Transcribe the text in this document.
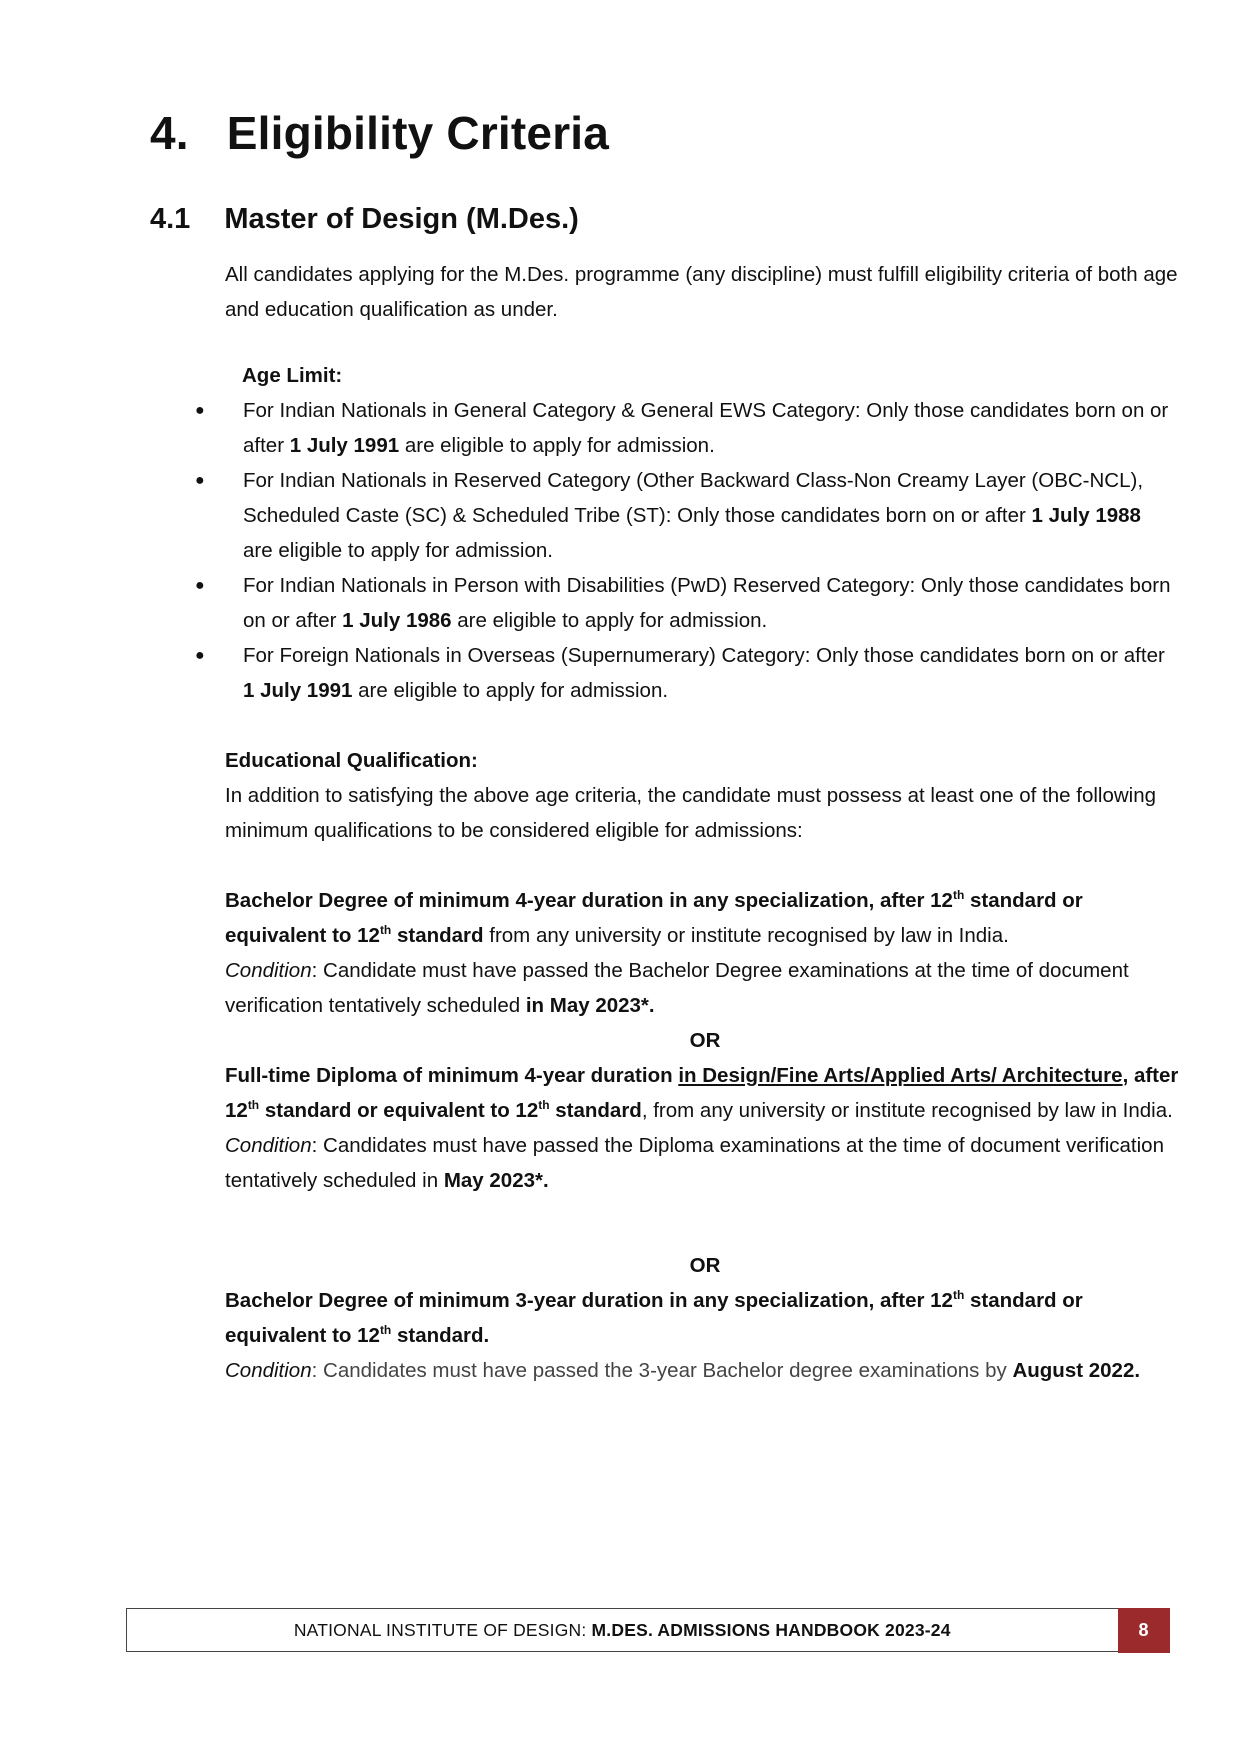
4. Eligibility Criteria
4.1 Master of Design (M.Des.)

All candidates applying for the M.Des. programme (any discipline) must fulfill eligibility criteria of both age and education qualification as under.

Age Limit:

● For Indian Nationals in General Category & General EWS Category: Only those candidates born on or after 1 July 1991 are eligible to apply for admission.
● For Indian Nationals in Reserved Category (Other Backward Class-Non Creamy Layer (OBC-NCL), Scheduled Caste (SC) & Scheduled Tribe (ST): Only those candidates born on or after 1 July 1988 are eligible to apply for admission.
● For Indian Nationals in Person with Disabilities (PwD) Reserved Category: Only those candidates born on or after 1 July 1986 are eligible to apply for admission.
● For Foreign Nationals in Overseas (Supernumerary) Category: Only those candidates born on or after 1 July 1991 are eligible to apply for admission.

Educational Qualification:

In addition to satisfying the above age criteria, the candidate must possess at least one of the following minimum qualifications to be considered eligible for admissions:

Bachelor Degree of minimum 4-year duration in any specialization, after 12th standard or equivalent to 12th standard from any university or institute recognised by law in India.

Condition: Candidate must have passed the Bachelor Degree examinations at the time of document verification tentatively scheduled in May 2023*.

OR

Full-time Diploma of minimum 4-year duration in Design/Fine Arts/Applied Arts/ Architecture, after 12th standard or equivalent to 12th standard, from any university or institute recognised by law in India.

Condition: Candidates must have passed the Diploma examinations at the time of document verification tentatively scheduled in May 2023*.

OR

Bachelor Degree of minimum 3-year duration in any specialization, after 12th standard or equivalent to 12th standard.

Condition: Candidates must have passed the 3-year Bachelor degree examinations by August 2022.

NATIONAL INSTITUTE OF DESIGN:
M.DES. ADMISSIONS HANDBOOK 2023-24	8
